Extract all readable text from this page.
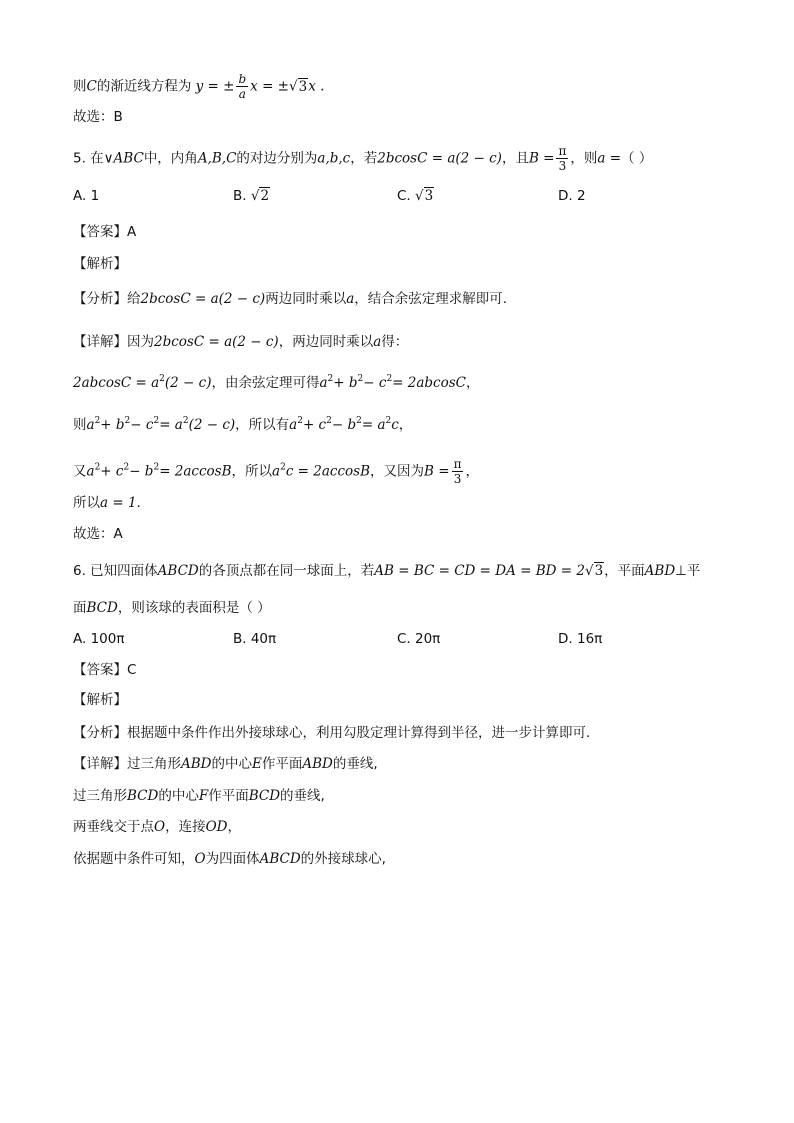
则C的渐近线方程为 y = ± $\frac{b}{a}$ x = ±√3x .
故选：B
5. 在∨ABC中，内角A,B,C的对边分别为a,b,c，若2bcosC = a(2 − c)，且$B = \frac{\pi}{3}$ ，则a =（ ）
A. 1	B. √2	C. √3	D. 2
【答案】A
【解析】
【分析】给2bcosC = a(2 − c)两边同时乘以a，结合余弦定理求解即可.
【详解】因为2bcosC = a(2 − c)，两边同时乘以a得：
$2abcosC = a^2(2 - c)$，由余弦定理可得$a^2+ b^2- c^2= 2abcosC$，
则$a^2+ b^2- c^2= a^2(2 - c)$，所以有$a^2+ c^2- b^2= a^2c$，
又$a^2+ c^2- b^2= 2accosB$，所以$a^2c = 2accosB$，又因为$B = \frac{\pi}{3}$ ，
所以a = 1.
故选：A
6. 已知四面体ABCD的各顶点都在同一球面上，若AB = BC = CD = DA = BD = 2√3，平面ABD⊥平
面BCD，则该球的表面积是（ ）
A. 100π	B. 40π	C. 20π	D. 16π
【答案】C
【解析】
【分析】根据题中条件作出外接球球心，利用勾股定理计算得到半径，进一步计算即可.
【详解】过三角形ABD的中心E作平面ABD的垂线,
过三角形BCD的中心F作平面BCD的垂线,
两垂线交于点O，连接OD，
依据题中条件可知，O为四面体ABCD的外接球球心,
